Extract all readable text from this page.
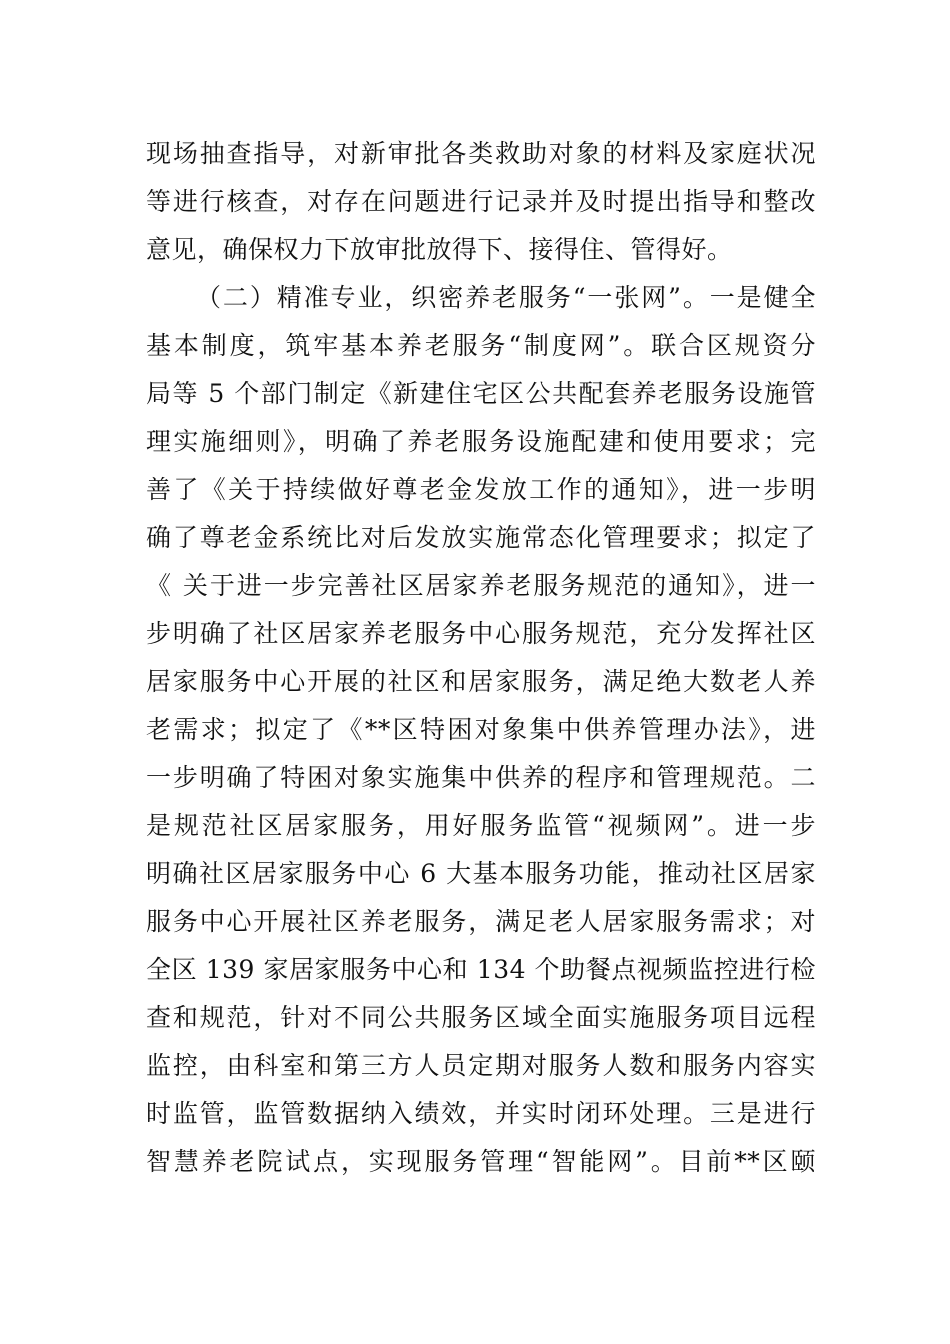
现场抽查指导，对新审批各类救助对象的材料及家庭状况
等进行核查，对存在问题进行记录并及时提出指导和整改
意见，确保权力下放审批放得下、接得住、管得好。
（二）精准专业，织密养老服务“一张网”。一是健全
基本制度，筑牢基本养老服务“制度网”。联合区规资分
局等 5 个部门制定《新建住宅区公共配套养老服务设施管
理实施细则》，明确了养老服务设施配建和使用要求；完
善了《关于持续做好尊老金发放工作的通知》，进一步明
确了尊老金系统比对后发放实施常态化管理要求；拟定了
《 关于进一步完善社区居家养老服务规范的通知》，进一
步明确了社区居家养老服务中心服务规范，充分发挥社区
居家服务中心开展的社区和居家服务，满足绝大数老人养
老需求；拟定了《**区特困对象集中供养管理办法》，进
一步明确了特困对象实施集中供养的程序和管理规范。二
是规范社区居家服务，用好服务监管“视频网”。进一步
明确社区居家服务中心 6 大基本服务功能，推动社区居家
服务中心开展社区养老服务，满足老人居家服务需求；对
全区 139 家居家服务中心和 134 个助餐点视频监控进行检
查和规范，针对不同公共服务区域全面实施服务项目远程
监控，由科室和第三方人员定期对服务人数和服务内容实
时监管，监管数据纳入绩效，并实时闭环处理。三是进行
智慧养老院试点，实现服务管理“智能网”。目前**区颐
